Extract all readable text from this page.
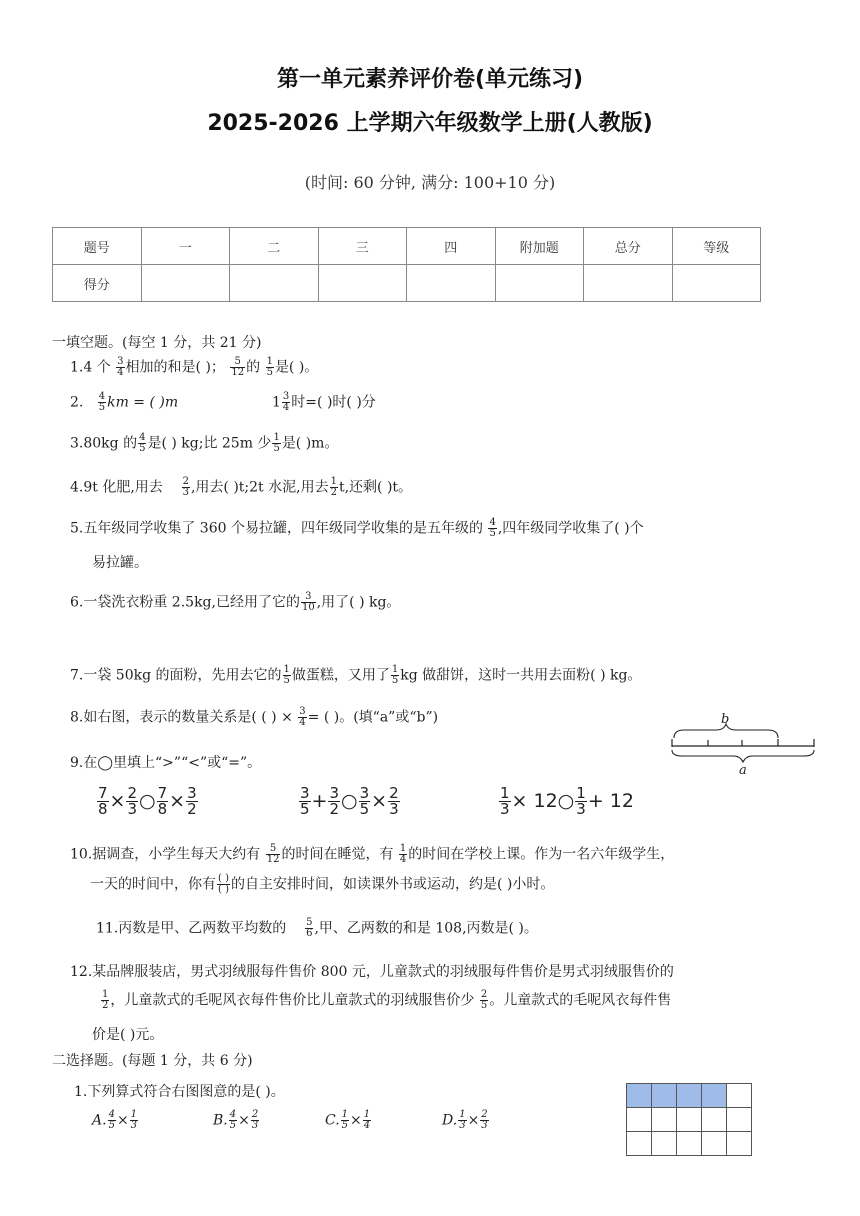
第一单元素养评价卷(单元练习)
2025-2026 上学期六年级数学上册(人教版)
(时间: 60 分钟, 满分: 100+10 分)
题号	一	二	三	四	附加题	总分	等级
得分							
一填空题。(每空 1 分，共 21 分)
1.4 个 $\frac{3}{4}$ 相加的和是( )； $\frac{5}{12}$ 的 $\frac{1}{5}$ 是( )。
2. $\frac{4}{5}$ km = ( )m	$1 \frac{3}{4}$ 时=( )时( )分
3.80kg 的 $\frac{4}{5}$ 是( ) kg;比 25m 少 $\frac{1}{5}$ 是( )m。
4.9t 化肥,用去 $\frac{2}{3}$ ,用去( )t;2t 水泥,用去 $\frac{1}{2} t$,还剩( )t。
5.五年级同学收集了 360 个易拉罐，四年级同学收集的是五年级的 $\frac{4}{5}$ ,四年级同学收集了( )个
易拉罐。
6.一袋洗衣粉重 2.5kg,已经用了它的 $\frac{3}{10}$ ,用了( ) kg。
7.一袋 50kg 的面粉，先用去它的 $\frac{1}{5}$ 做蛋糕，又用了 $\frac{1}{5}$ kg 做甜饼，这时一共用去面粉( ) kg。
8.如右图，表示的数量关系是( ( ) × $\frac{3}{4}$ = ( )。(填“a”或“b”)	b
a
9.在◯里填上“>”“<”或“=”。
$\frac{7}{8} \times \frac{2}{3}$ ○ $\frac{7}{8} \times \frac{3}{2}$	$\frac{3}{5} + \frac{3}{2}$ ○ $\frac{3}{5} \times \frac{2}{3}$	$\frac{1}{3}$ × 12○ $\frac{1}{3} + 12$
10.据调查，小学生每天大约有 $\frac{5}{12}$ 的时间在睡觉，有 $\frac{1}{4}$ 的时间在学校上课。作为一名六年级学生，
一天的时间中，你有 $\frac{( )}{( )}$ 的自主安排时间，如读课外书或运动，约是( )小时。
11.丙数是甲、乙两数平均数的 $\frac{5}{6}$ ,甲、乙两数的和是 108,丙数是( )。
12.某品牌服装店，男式羽绒服每件售价 800 元，儿童款式的羽绒服每件售价是男式羽绒服售价的
$\frac{1}{2}$ ，儿童款式的毛呢风衣每件售价比儿童款式的羽绒服售价少 $\frac{2}{5}$ 。儿童款式的毛呢风衣每件售
价是( )元。
二选择题。(每题 1 分，共 6 分)
1.下列算式符合右图图意的是( )。
A. $\frac{4}{5} \times \frac{1}{3}$	B. $\frac{4}{5} \times \frac{2}{3}$	C. $\frac{1}{5} \times \frac{1}{4}$	D. $\frac{1}{3} \times \frac{2}{3}$
